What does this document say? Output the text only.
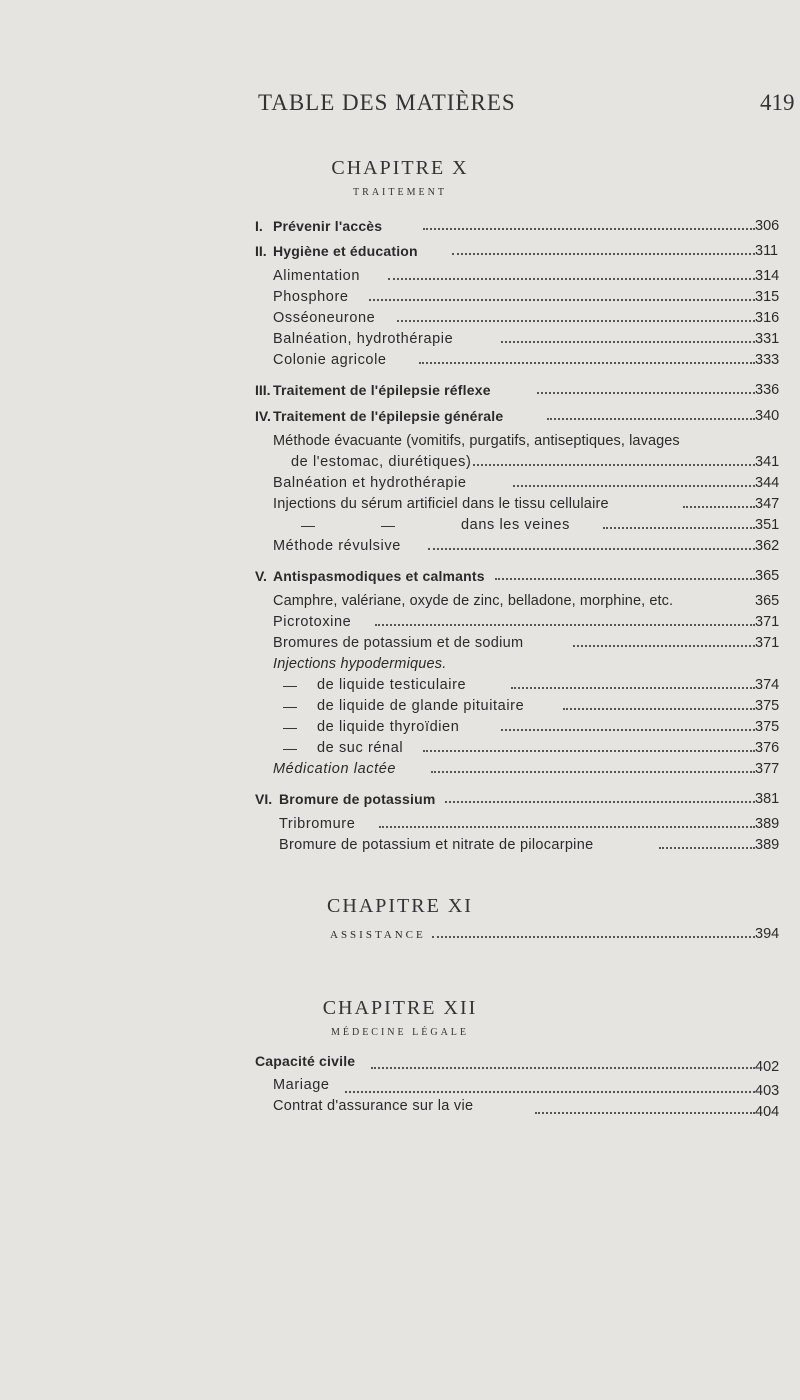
TABLE DES MATIÈRES	419
CHAPITRE X
TRAITEMENT
I. Prévenir l'accès	306
II. Hygiène et éducation	311
Alimentation	314
Phosphore	315
Osséoneurone	316
Balnéation, hydrothérapie	331
Colonie agricole	333
III. Traitement de l'épilepsie réflexe	336
IV. Traitement de l'épilepsie générale	340
Méthode évacuante (vomitifs, purgatifs, antiseptiques, lavages
de l'estomac, diurétiques)	341
Balnéation et hydrothérapie	344
Injections du sérum artificiel dans le tissu cellulaire	347
—	—	dans les veines	351
Méthode révulsive	362
V. Antispasmodiques et calmants	365
Camphre, valériane, oxyde de zinc, belladone, morphine, etc.	365
Picrotoxine	371
Bromures de potassium et de sodium	371
Injections hypodermiques.
— de liquide testiculaire	374
— de liquide de glande pituitaire	375
— de liquide thyroïdien	375
— de suc rénal	376
Médication lactée	377
VI. Bromure de potassium	381
Tribromure	389
Bromure de potassium et nitrate de pilocarpine	389
CHAPITRE XI
ASSISTANCE	394
CHAPITRE XII
MÉDECINE LÉGALE
Capacité civile	402
Mariage	403
Contrat d'assurance sur la vie	404
